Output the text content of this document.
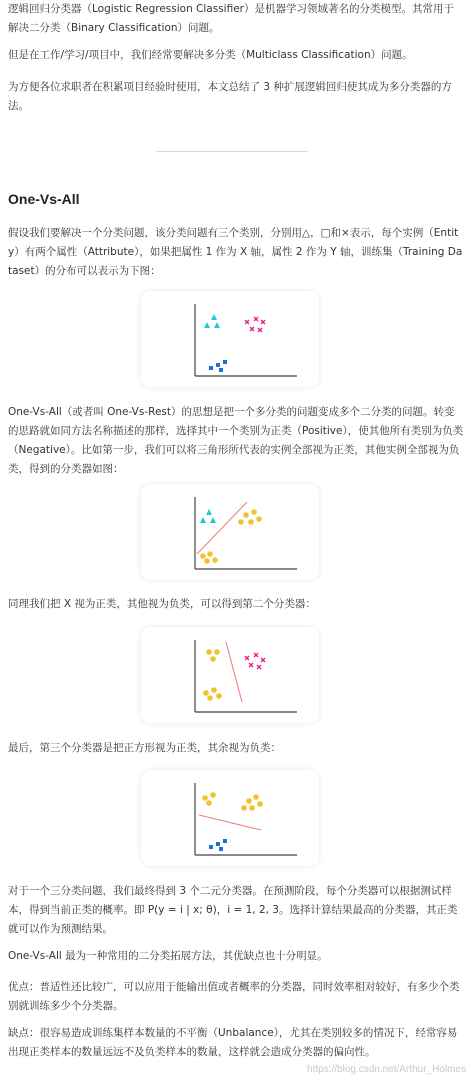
逻辑回归分类器（Logistic Regression Classifier）是机器学习领域著名的分类模型。其常用于解决二分类（Binary Classification）问题。

但是在工作/学习/项目中，我们经常要解决多分类（Multiclass Classification）问题。

为方便各位求职者在积累项目经验时使用，本文总结了 3 种扩展逻辑回归使其成为多分类器的方法。

One-Vs-All

假设我们要解决一个分类问题，该分类问题有三个类别，分别用△，□和×表示，每个实例（Entity）有两个属性（Attribute），如果把属性 1 作为 X 轴，属性 2 作为 Y 轴，训练集（Training Dataset）的分布可以表示为下图：

One-Vs-All（或者叫 One-Vs-Rest）的思想是把一个多分类的问题变成多个二分类的问题。转变的思路就如同方法名称描述的那样，选择其中一个类别为正类（Positive），使其他所有类别为负类（Negative）。比如第一步，我们可以将三角形所代表的实例全部视为正类，其他实例全部视为负类，得到的分类器如图：

同理我们把 X 视为正类，其他视为负类，可以得到第二个分类器：

最后，第三个分类器是把正方形视为正类，其余视为负类：

对于一个三分类问题，我们最终得到 3 个二元分类器。在预测阶段，每个分类器可以根据测试样本，得到当前正类的概率。即 P(y = i | x; θ)，i = 1, 2, 3。选择计算结果最高的分类器，其正类就可以作为预测结果。

One-Vs-All 最为一种常用的二分类拓展方法，其优缺点也十分明显。

优点：普适性还比较广，可以应用于能输出值或者概率的分类器，同时效率相对较好，有多少个类别就训练多少个分类器。

缺点：很容易造成训练集样本数量的不平衡（Unbalance），尤其在类别较多的情况下，经常容易出现正类样本的数量远远不及负类样本的数量，这样就会造成分类器的偏向性。

https://blog.csdn.net/Arthur_Holmes
